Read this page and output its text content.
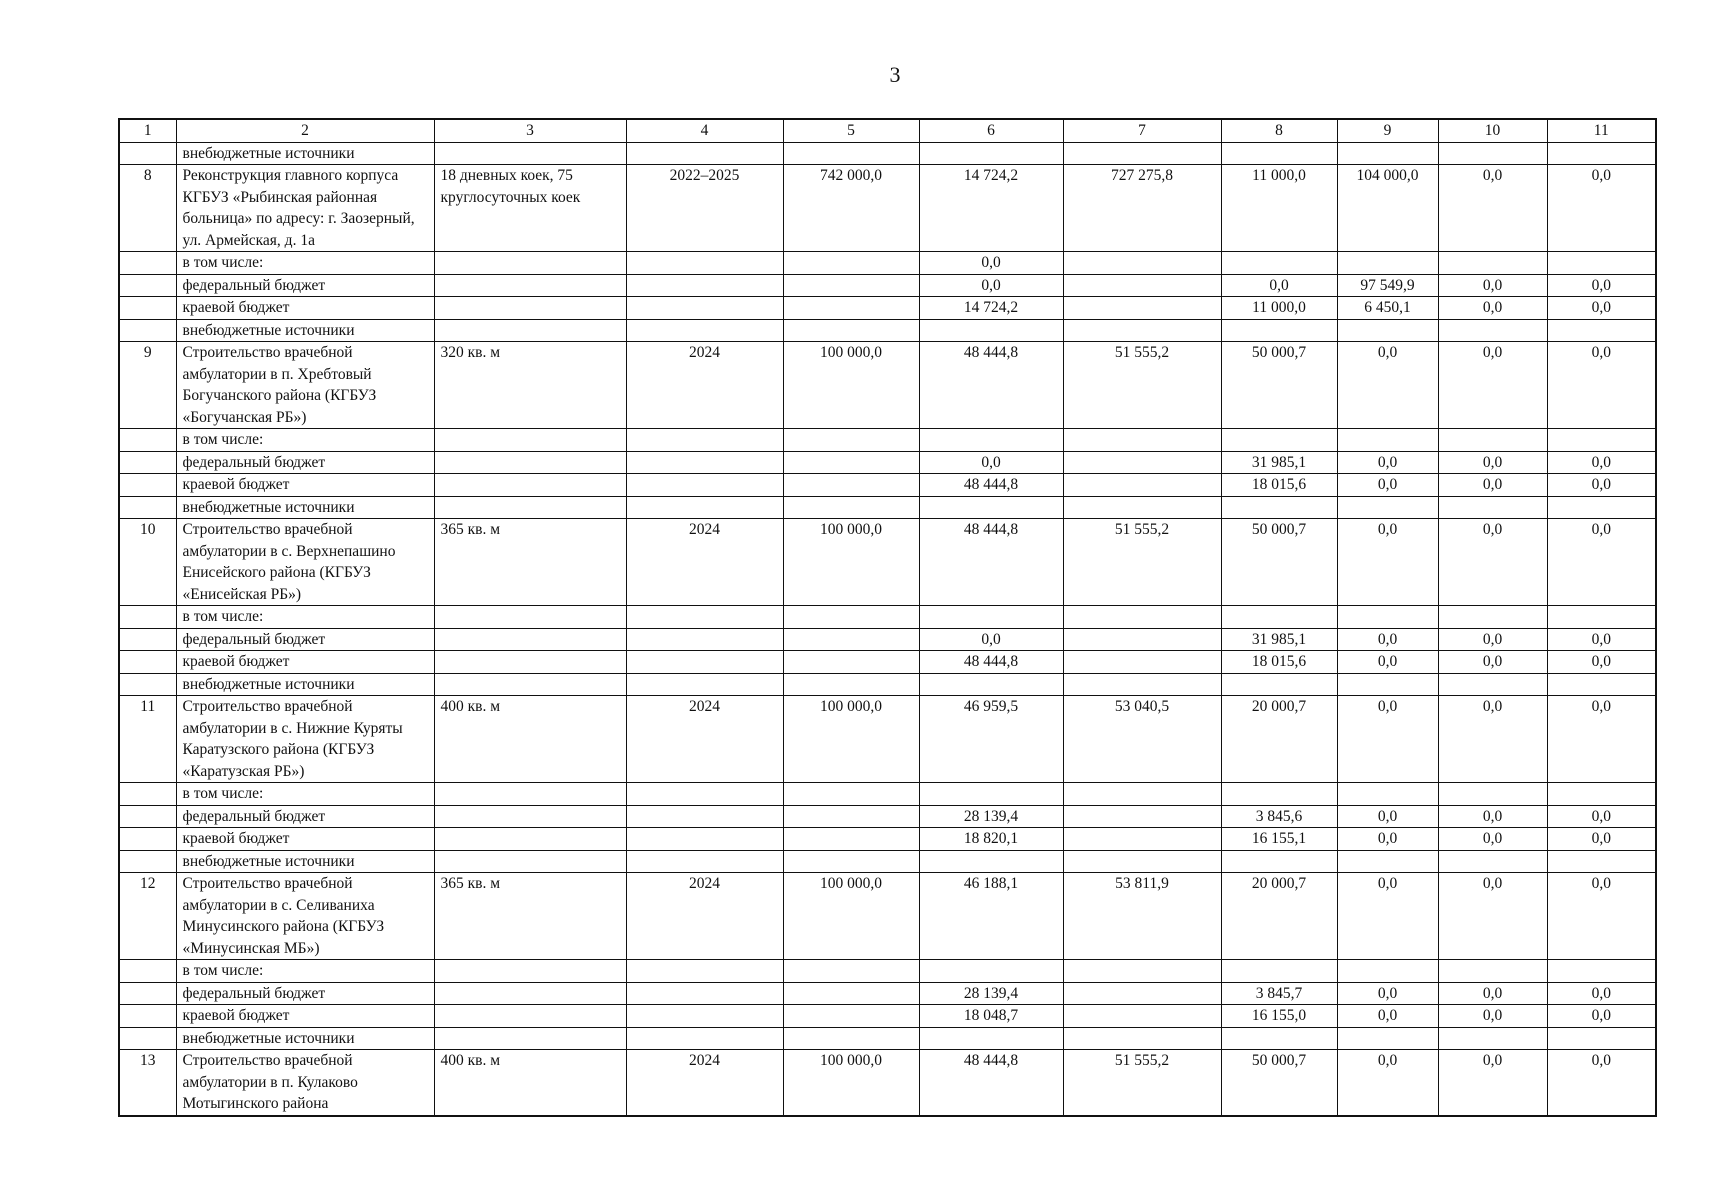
3
1	2	3	4	5	6	7	8	9	10	11
	внебюджетные источники									
8	Реконструкция главного корпуса КГБУЗ «Рыбинская районная больница» по адресу: г. Заозерный, ул. Армейская, д. 1а	18 дневных коек, 75 круглосуточных коек	2022–2025	742 000,0	14 724,2	727 275,8	11 000,0	104 000,0	0,0	0,0
	в том числе:				0,0					
	федеральный бюджет				0,0		0,0	97 549,9	0,0	0,0
	краевой бюджет				14 724,2		11 000,0	6 450,1	0,0	0,0
	внебюджетные источники									
9	Строительство врачебной амбулатории в п. Хребтовый Богучанского района (КГБУЗ «Богучанская РБ»)	320 кв. м	2024	100 000,0	48 444,8	51 555,2	50 000,7	0,0	0,0	0,0
	в том числе:									
	федеральный бюджет				0,0		31 985,1	0,0	0,0	0,0
	краевой бюджет				48 444,8		18 015,6	0,0	0,0	0,0
	внебюджетные источники									
10	Строительство врачебной амбулатории в с. Верхнепашино Енисейского района (КГБУЗ «Енисейская РБ»)	365 кв. м	2024	100 000,0	48 444,8	51 555,2	50 000,7	0,0	0,0	0,0
	в том числе:									
	федеральный бюджет				0,0		31 985,1	0,0	0,0	0,0
	краевой бюджет				48 444,8		18 015,6	0,0	0,0	0,0
	внебюджетные источники									
11	Строительство врачебной амбулатории в с. Нижние Куряты Каратузского района (КГБУЗ «Каратузская РБ»)	400 кв. м	2024	100 000,0	46 959,5	53 040,5	20 000,7	0,0	0,0	0,0
	в том числе:									
	федеральный бюджет				28 139,4		3 845,6	0,0	0,0	0,0
	краевой бюджет				18 820,1		16 155,1	0,0	0,0	0,0
	внебюджетные источники									
12	Строительство врачебной амбулатории в с. Селиваниха Минусинского района (КГБУЗ «Минусинская МБ»)	365 кв. м	2024	100 000,0	46 188,1	53 811,9	20 000,7	0,0	0,0	0,0
	в том числе:									
	федеральный бюджет				28 139,4		3 845,7	0,0	0,0	0,0
	краевой бюджет				18 048,7		16 155,0	0,0	0,0	0,0
	внебюджетные источники									
13	Строительство врачебной амбулатории в п. Кулаково Мотыгинского района	400 кв. м	2024	100 000,0	48 444,8	51 555,2	50 000,7	0,0	0,0	0,0
